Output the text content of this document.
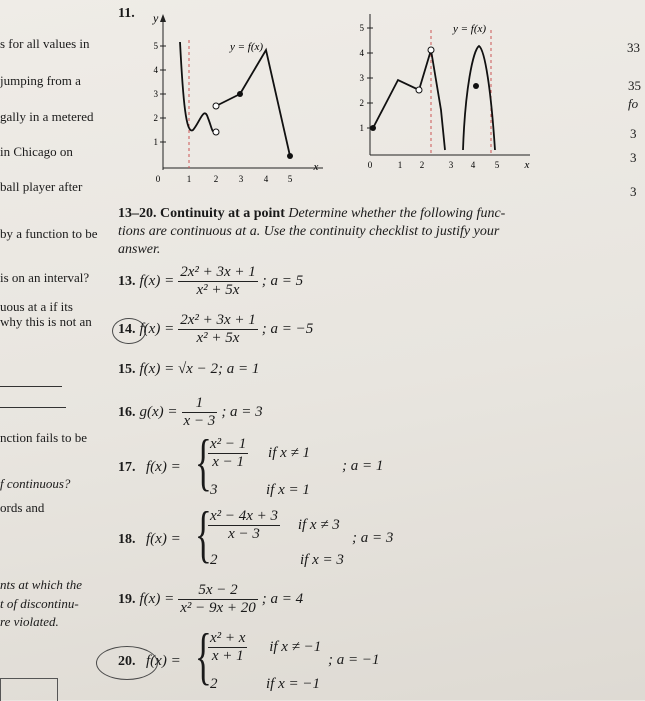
s for all values in
jumping from a
gally in a metered
in Chicago on
ball player after
by a function to be
is on an interval?
uous at a if its
why this is not an
nction fails to be
f continuous?
ords and
nts at which the
t of discontinu-
re violated.
33
35
fo
3
3
3
11. y
1
2
3
4
5
0	1	2 3 4 5
x
y = f(x)
1
2
3
4
5
0	1 2	3 4 5 x
y = f(x)
13–20. Continuity at a point Determine whether the following func-
tions are continuous at a. Use the continuity checklist to justify your
answer.
13. $f(x) = \frac{\text{2x² + 3x + 1}}{\text{x² + 5x}}$ ; a = 5
14. $f(x) = \frac{\text{2x² + 3x + 1}}{\text{x² + 5x}}$ ; a = −5
15. f(x) = √x − 2; a = 1
16. $g(x) = \frac{1}{x - 3}$ ; a = 3
17. f(x) = {
$\frac{\text{x² − 1}}{x - 1}$ if x ≠ 1
; a = 1
3	if x = 1
18. f(x) = {
$\frac{\text{x² − 4x + 3}}{x - 3}$ if x ≠ 3
; a = 3
2	if x = 3
19. $f(x) = \frac{5x - 2}{\text{x² − 9x + 20}}$ ; a = 4
20. f(x) = {
$\frac{\text{x² + x}}{x + 1}$ if x ≠ −1
; a = −1
2	if x = −1
